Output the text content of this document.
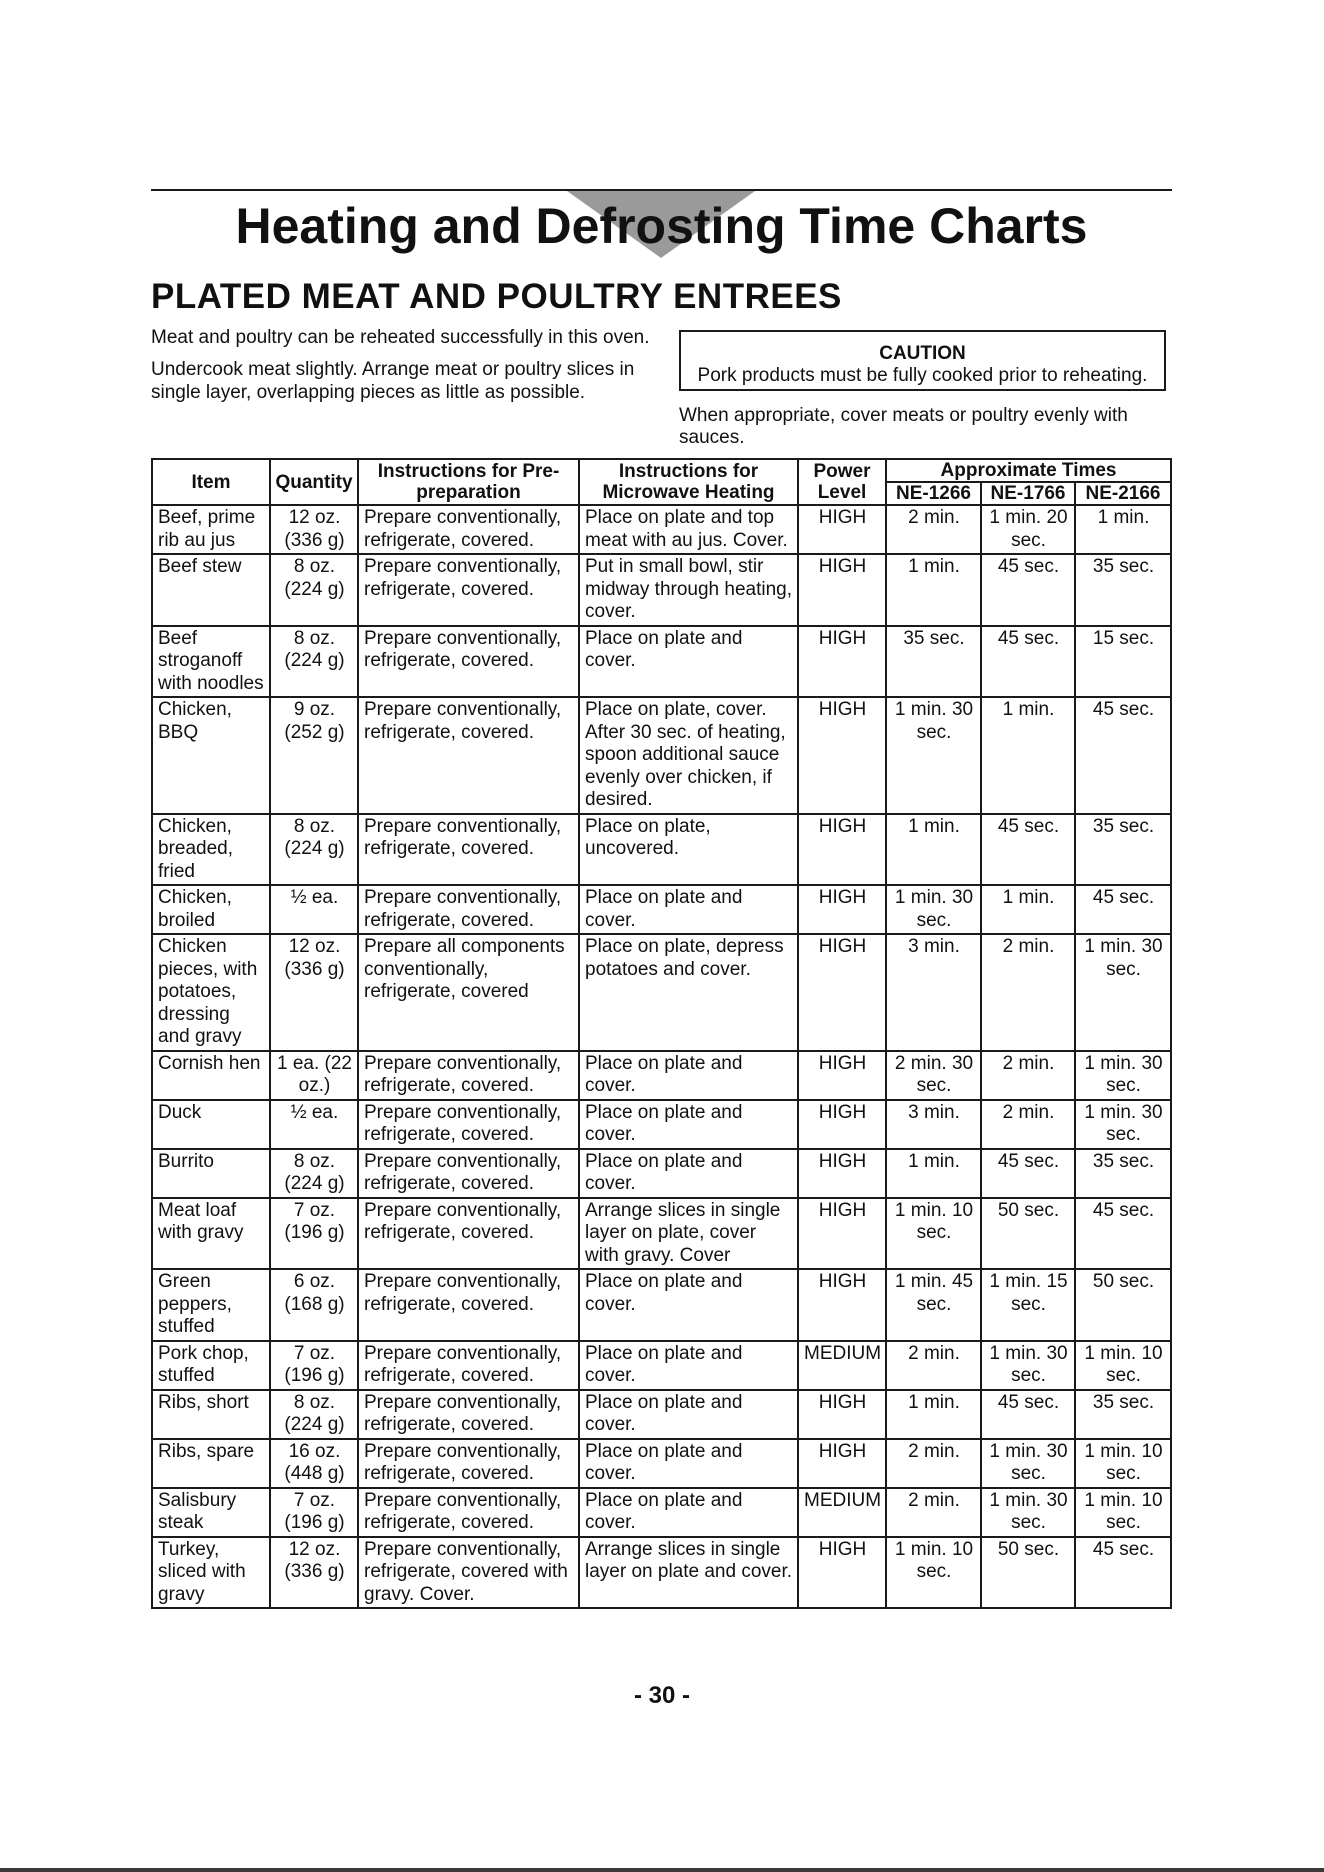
Heating and Defrosting Time Charts
PLATED MEAT AND POULTRY ENTREES

Meat and poultry can be reheated successfully in this oven.

Undercook meat slightly. Arrange meat or poultry slices in single layer, overlapping pieces as little as possible.

CAUTION
Pork products must be fully cooked prior to reheating.
When appropriate, cover meats or poultry evenly with sauces.
Item	Quantity	Instructions for Pre-preparation	Instructions for Microwave Heating	Power Level	Approximate Times		
					NE-1266	NE-1766	NE-2166
Beef, prime rib au jus	12 oz. (336 g)	Prepare conventionally, refrigerate, covered.	Place on plate and top meat with au jus. Cover.	HIGH	2 min.	1 min. 20 sec.	1 min.
Beef stew	8 oz. (224 g)	Prepare conventionally, refrigerate, covered.	Put in small bowl, stir midway through heating, cover.	HIGH	1 min.	45 sec.	35 sec.
Beef stroganoff with noodles	8 oz. (224 g)	Prepare conventionally, refrigerate, covered.	Place on plate and cover.	HIGH	35 sec.	45 sec.	15 sec.
Chicken, BBQ	9 oz. (252 g)	Prepare conventionally, refrigerate, covered.	Place on plate, cover. After 30 sec. of heating, spoon additional sauce evenly over chicken, if desired.	HIGH	1 min. 30 sec.	1 min.	45 sec.
Chicken, breaded, fried	8 oz. (224 g)	Prepare conventionally, refrigerate, covered.	Place on plate, uncovered.	HIGH	1 min.	45 sec.	35 sec.
Chicken, broiled	½ ea.	Prepare conventionally, refrigerate, covered.	Place on plate and cover.	HIGH	1 min. 30 sec.	1 min.	45 sec.
Chicken pieces, with potatoes, dressing and gravy	12 oz. (336 g)	Prepare all components conventionally, refrigerate, covered	Place on plate, depress potatoes and cover.	HIGH	3 min.	2 min.	1 min. 30 sec.
Cornish hen	1 ea. (22 oz.)	Prepare conventionally, refrigerate, covered.	Place on plate and cover.	HIGH	2 min. 30 sec.	2 min.	1 min. 30 sec.
Duck	½ ea.	Prepare conventionally, refrigerate, covered.	Place on plate and cover.	HIGH	3 min.	2 min.	1 min. 30 sec.
Burrito	8 oz. (224 g)	Prepare conventionally, refrigerate, covered.	Place on plate and cover.	HIGH	1 min.	45 sec.	35 sec.
Meat loaf with gravy	7 oz. (196 g)	Prepare conventionally, refrigerate, covered.	Arrange slices in single layer on plate, cover with gravy. Cover	HIGH	1 min. 10 sec.	50 sec.	45 sec.
Green peppers, stuffed	6 oz. (168 g)	Prepare conventionally, refrigerate, covered.	Place on plate and cover.	HIGH	1 min. 45 sec.	1 min. 15 sec.	50 sec.
Pork chop, stuffed	7 oz. (196 g)	Prepare conventionally, refrigerate, covered.	Place on plate and cover.	MEDIUM	2 min.	1 min. 30 sec.	1 min. 10 sec.
Ribs, short	8 oz. (224 g)	Prepare conventionally, refrigerate, covered.	Place on plate and cover.	HIGH	1 min.	45 sec.	35 sec.
Ribs, spare	16 oz. (448 g)	Prepare conventionally, refrigerate, covered.	Place on plate and cover.	HIGH	2 min.	1 min. 30 sec.	1 min. 10 sec.
Salisbury steak	7 oz. (196 g)	Prepare conventionally, refrigerate, covered.	Place on plate and cover.	MEDIUM	2 min.	1 min. 30 sec.	1 min. 10 sec.
Turkey, sliced with gravy	12 oz. (336 g)	Prepare conventionally, refrigerate, covered with gravy. Cover.	Arrange slices in single layer on plate and cover.	HIGH	1 min. 10 sec.	50 sec.	45 sec.
- 30 -
